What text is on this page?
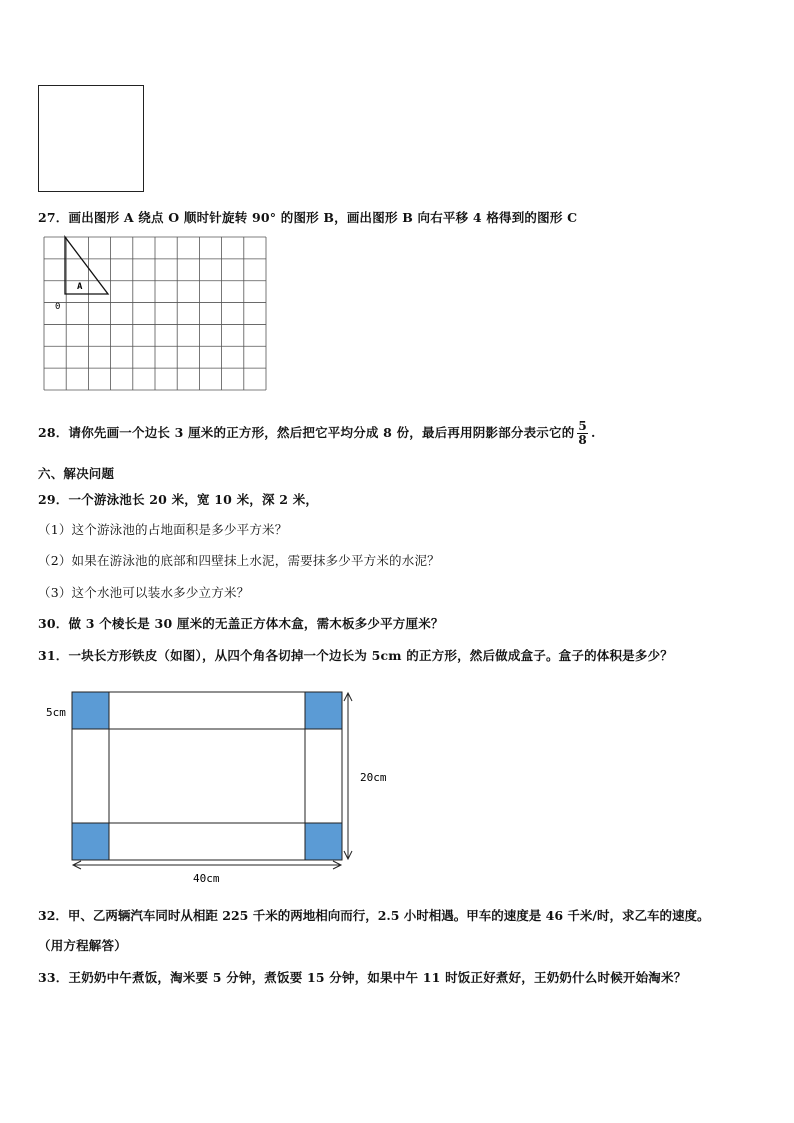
27．画出图形 A 绕点 O 顺时针旋转 90° 的图形 B，画出图形 B 向右平移 4 格得到的图形 C
A
0
28．请你先画一个边长 3 厘米的正方形，然后把它平均分成 8 份，最后再用阴影部分表示它的 $\frac{5}{8}$ .
六、解决问题
29．一个游泳池长 20 米，宽 10 米，深 2 米，
（1）这个游泳池的占地面积是多少平方米？
（2）如果在游泳池的底部和四壁抹上水泥，需要抹多少平方米的水泥？
（3）这个水池可以装水多少立方米？
30．做 3 个棱长是 30 厘米的无盖正方体木盒，需木板多少平方厘米？
31．一块长方形铁皮（如图），从四个角各切掉一个边长为 5cm 的正方形，然后做成盒子。盒子的体积是多少？
5cm
20cm
40cm
32．甲、乙两辆汽车同时从相距 225 千米的两地相向而行，2.5 小时相遇。甲车的速度是 46 千米/时，求乙车的速度。
（用方程解答）
33．王奶奶中午煮饭，淘米要 5 分钟，煮饭要 15 分钟，如果中午 11 时饭正好煮好，王奶奶什么时候开始淘米？
